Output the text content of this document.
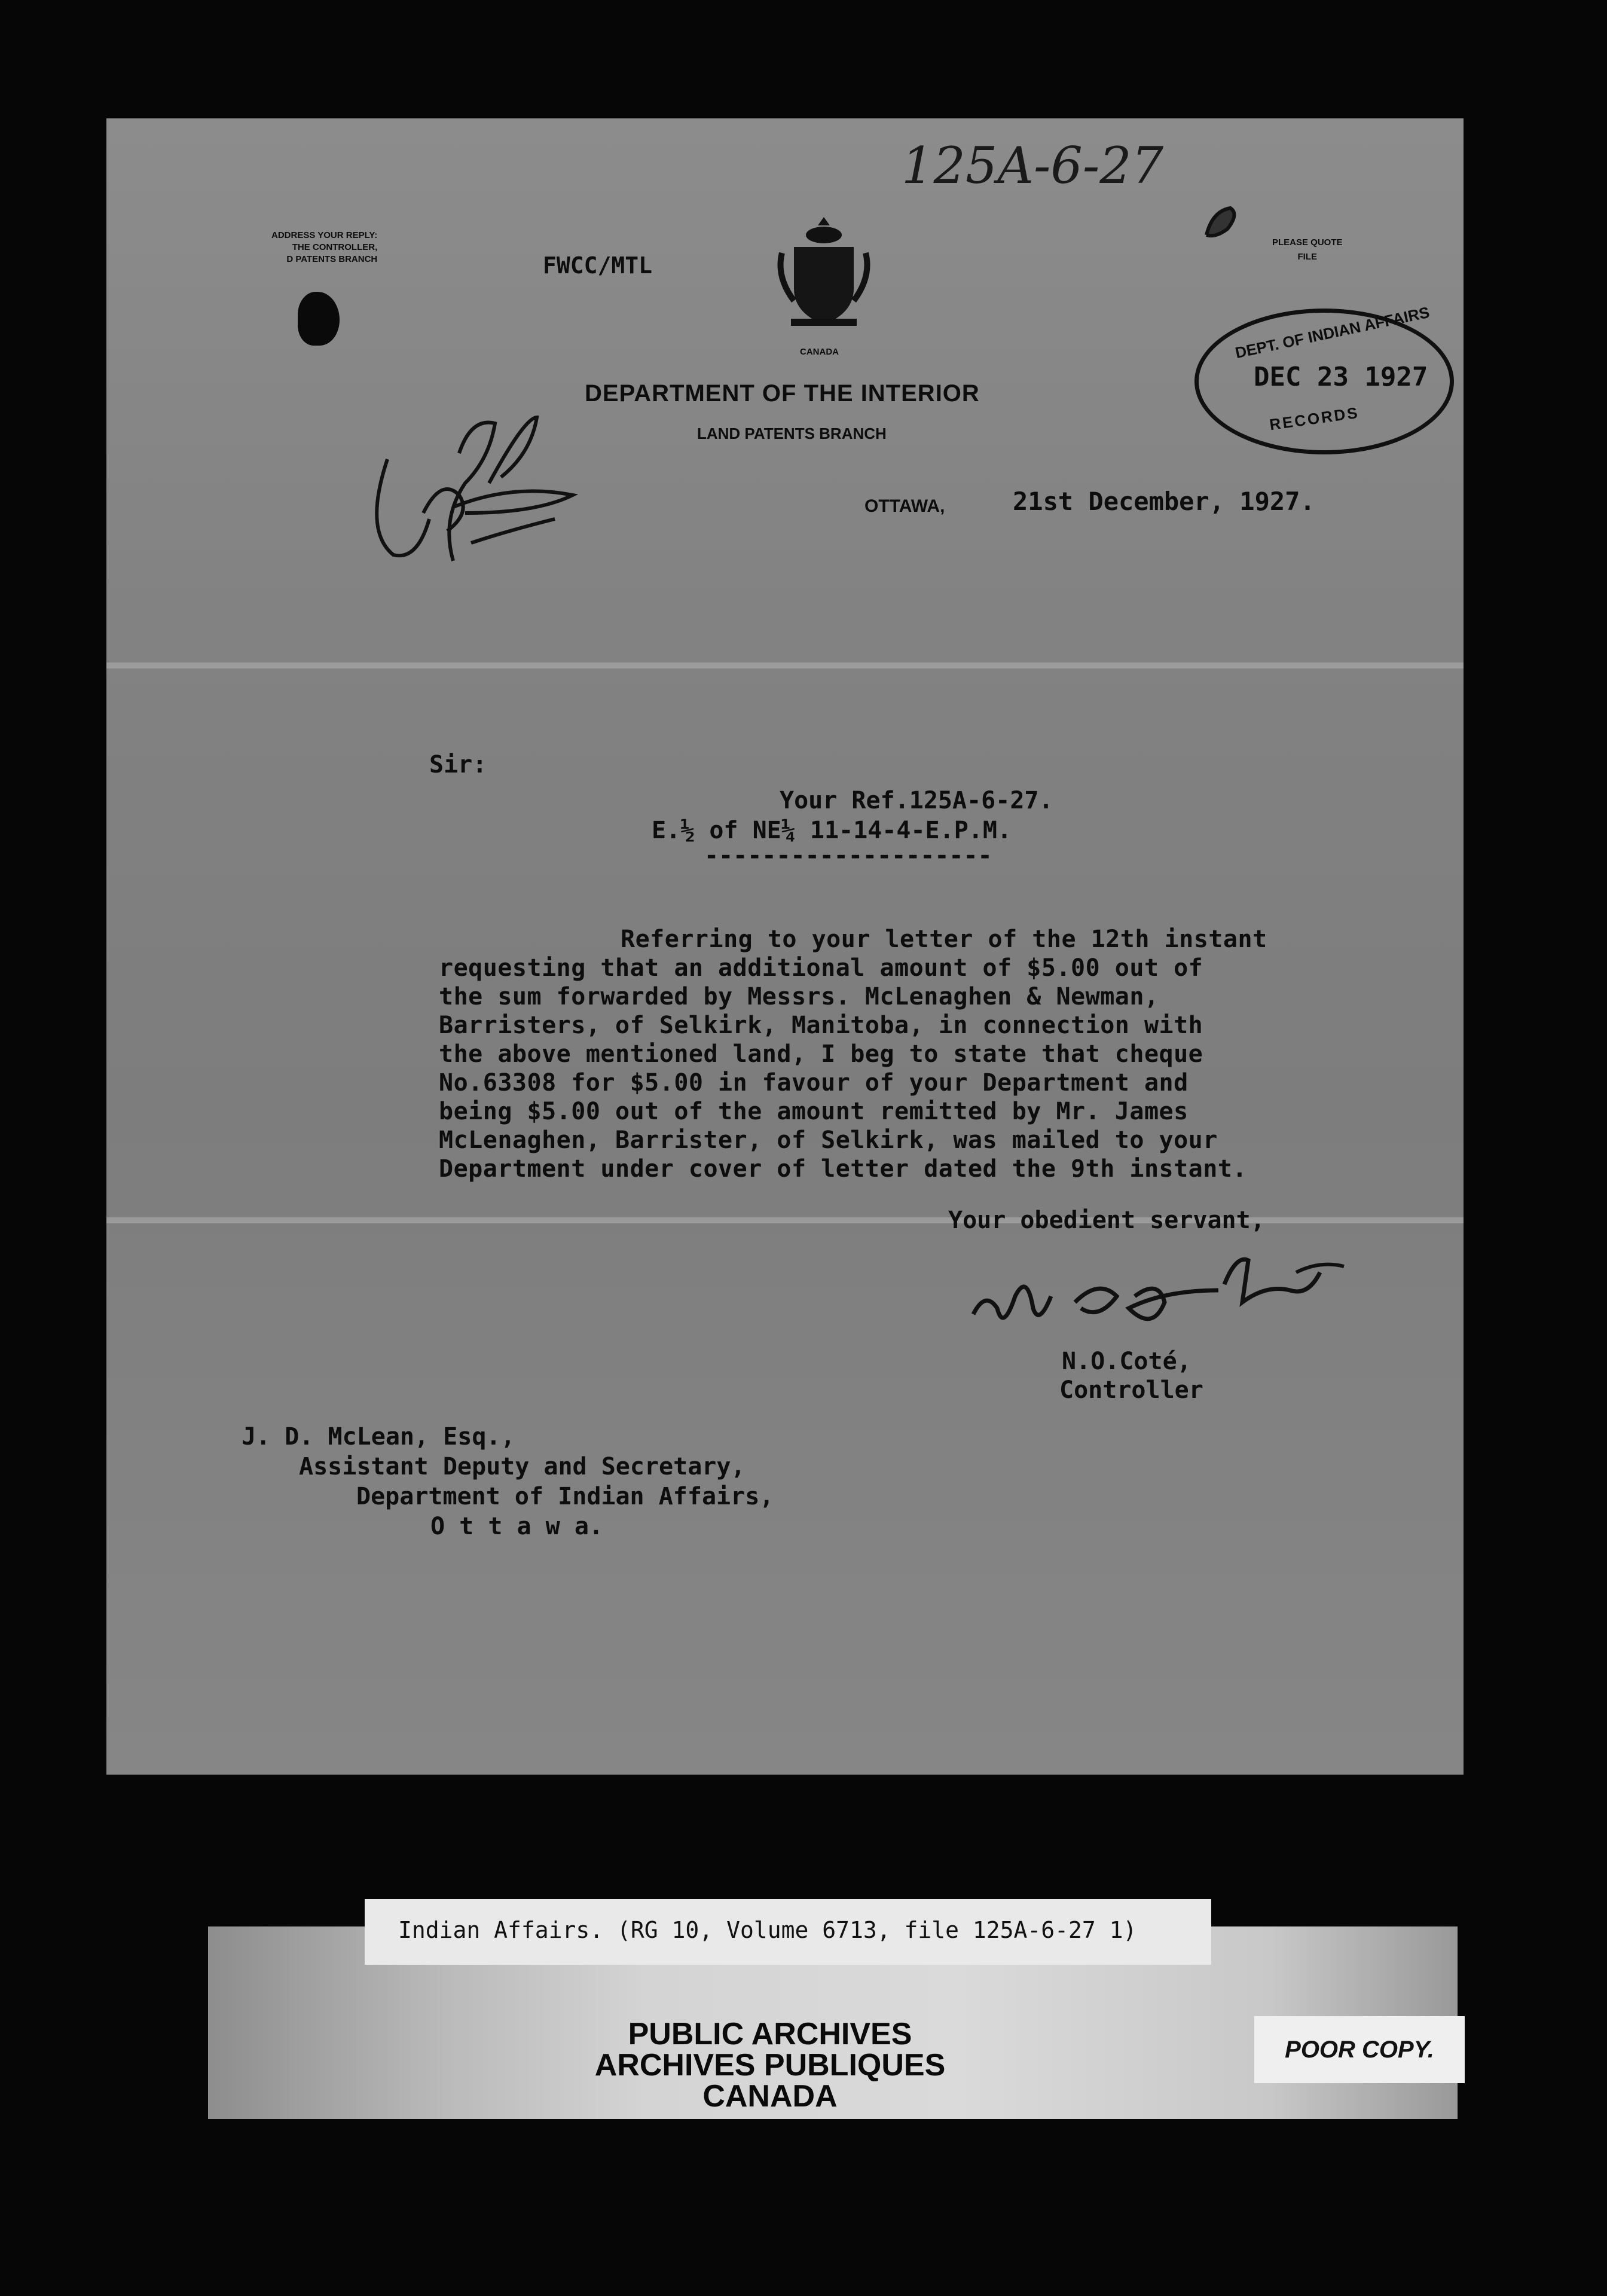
125A-6-27
ADDRESS YOUR REPLY:
THE CONTROLLER,
D PATENTS BRANCH	FWCC/MTL
CANADA
PLEASE QUOTE
FILE
DEPARTMENT OF THE INTERIOR
LAND PATENTS BRANCH
OTTAWA,	21st December, 1927.
DEPT. OF INDIAN AFFAIRS
DEC 23 1927
RECORDS
Sir:
Your Ref.125A-6-27.
E.½ of NE¼ 11-14-4-E.P.M.
--------------------
Referring to your letter of the 12th instant
requesting that an additional amount of $5.00 out of
the sum forwarded by Messrs. McLenaghen & Newman,
Barristers, of Selkirk, Manitoba, in connection with
the above mentioned land, I beg to state that cheque
No.63308 for $5.00 in favour of your Department and
being $5.00 out of the amount remitted by Mr. James
McLenaghen, Barrister, of Selkirk, was mailed to your
Department under cover of letter dated the 9th instant.
Your obedient servant,
N.O.Coté,
Controller
J. D. McLean, Esq.,
Assistant Deputy and Secretary,
Department of Indian Affairs,
O t t a w a.
Indian Affairs. (RG 10, Volume 6713, file 125A-6-27 1)
PUBLIC ARCHIVES
ARCHIVES PUBLIQUES
CANADA
POOR COPY.
